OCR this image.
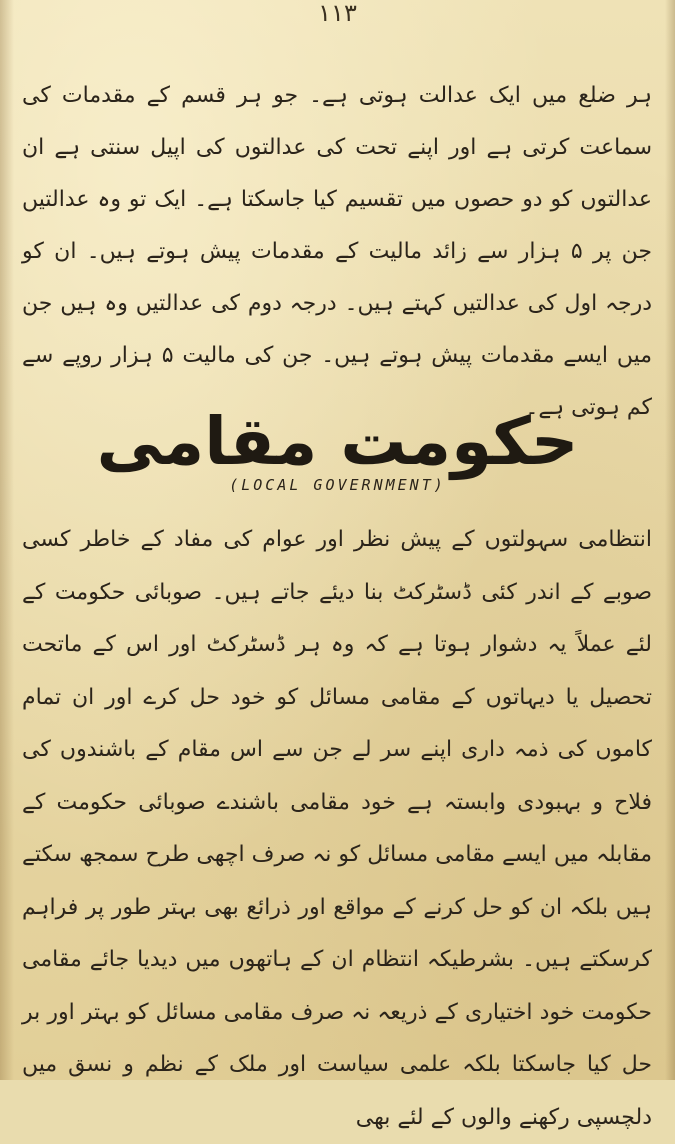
١١٣

ہر ضلع میں ایک عدالت ہوتی ہے۔ جو ہر قسم کے مقدمات کی سماعت کرتی ہے اور اپنے تحت کی عدالتوں کی اپیل سنتی ہے ان عدالتوں کو دو حصوں میں تقسیم کیا جاسکتا ہے۔ ایک تو وہ عدالتیں جن پر ۵ ہزار سے زائد مالیت کے مقدمات پیش ہوتے ہیں۔ ان کو درجہ اول کی عدالتیں کہتے ہیں۔ درجہ دوم کی عدالتیں وہ ہیں جن میں ایسے مقدمات پیش ہوتے ہیں۔ جن کی مالیت ۵ ہزار روپے سے کم ہوتی ہے۔

حکومت مقامی
(LOCAL GOVERNMENT)

انتظامی سہولتوں کے پیش نظر اور عوام کی مفاد کے خاطر کسی صوبے کے اندر کئی ڈسٹرکٹ بنا دیئے جاتے ہیں۔ صوبائی حکومت کے لئے عملاً یہ دشوار ہوتا ہے کہ وہ ہر ڈسٹرکٹ اور اس کے ماتحت تحصیل یا دیہاتوں کے مقامی مسائل کو خود حل کرے اور ان تمام کاموں کی ذمہ داری اپنے سر لے جن سے اس مقام کے باشندوں کی فلاح و بہبودی وابستہ ہے خود مقامی باشندے صوبائی حکومت کے مقابلہ میں ایسے مقامی مسائل کو نہ صرف اچھی طرح سمجھ سکتے ہیں بلکہ ان کو حل کرنے کے مواقع اور ذرائع بھی بہتر طور پر فراہم کرسکتے ہیں۔ بشرطیکہ انتظام ان کے ہاتھوں میں دیدیا جائے مقامی حکومت خود اختیاری کے ذریعہ نہ صرف مقامی مسائل کو بہتر اور بر حل کیا جاسکتا بلکہ علمی سیاست اور ملک کے نظم و نسق میں دلچسپی رکھنے والوں کے لئے بھی
